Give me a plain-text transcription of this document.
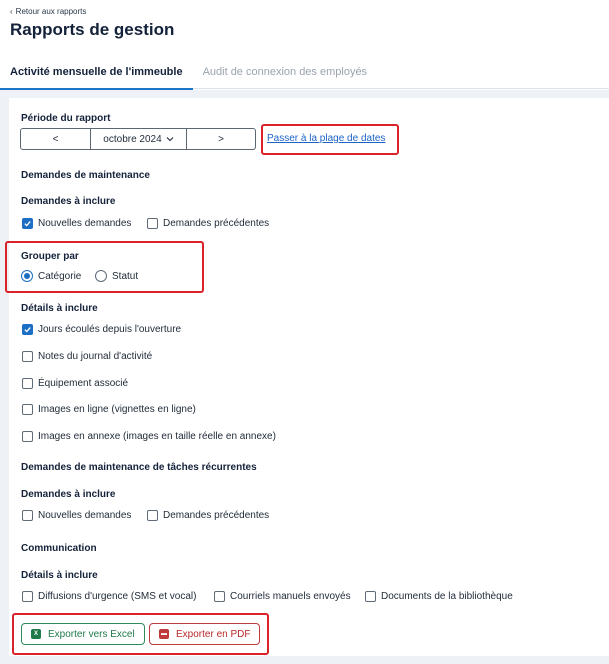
‹ Retour aux rapports
Rapports de gestion
Activité mensuelle de l'immeuble	Audit de connexion des employés
Période du rapport
<	octobre 2024	>	Passer à la plage de dates
Demandes de maintenance
Demandes à inclure
Nouvelles demandes	Demandes précédentes
Grouper par
Catégorie	Statut
Détails à inclure
Jours écoulés depuis l'ouverture
Notes du journal d'activité
Équipement associé
Images en ligne (vignettes en ligne)
Images en annexe (images en taille réelle en annexe)
Demandes de maintenance de tâches récurrentes
Demandes à inclure
Nouvelles demandes	Demandes précédentes
Communication
Détails à inclure
Diffusions d'urgence (SMS et vocal)	Courriels manuels envoyés	Documents de la bibliothèque
X	Exporter vers Excel	▬ Exporter en PDF
